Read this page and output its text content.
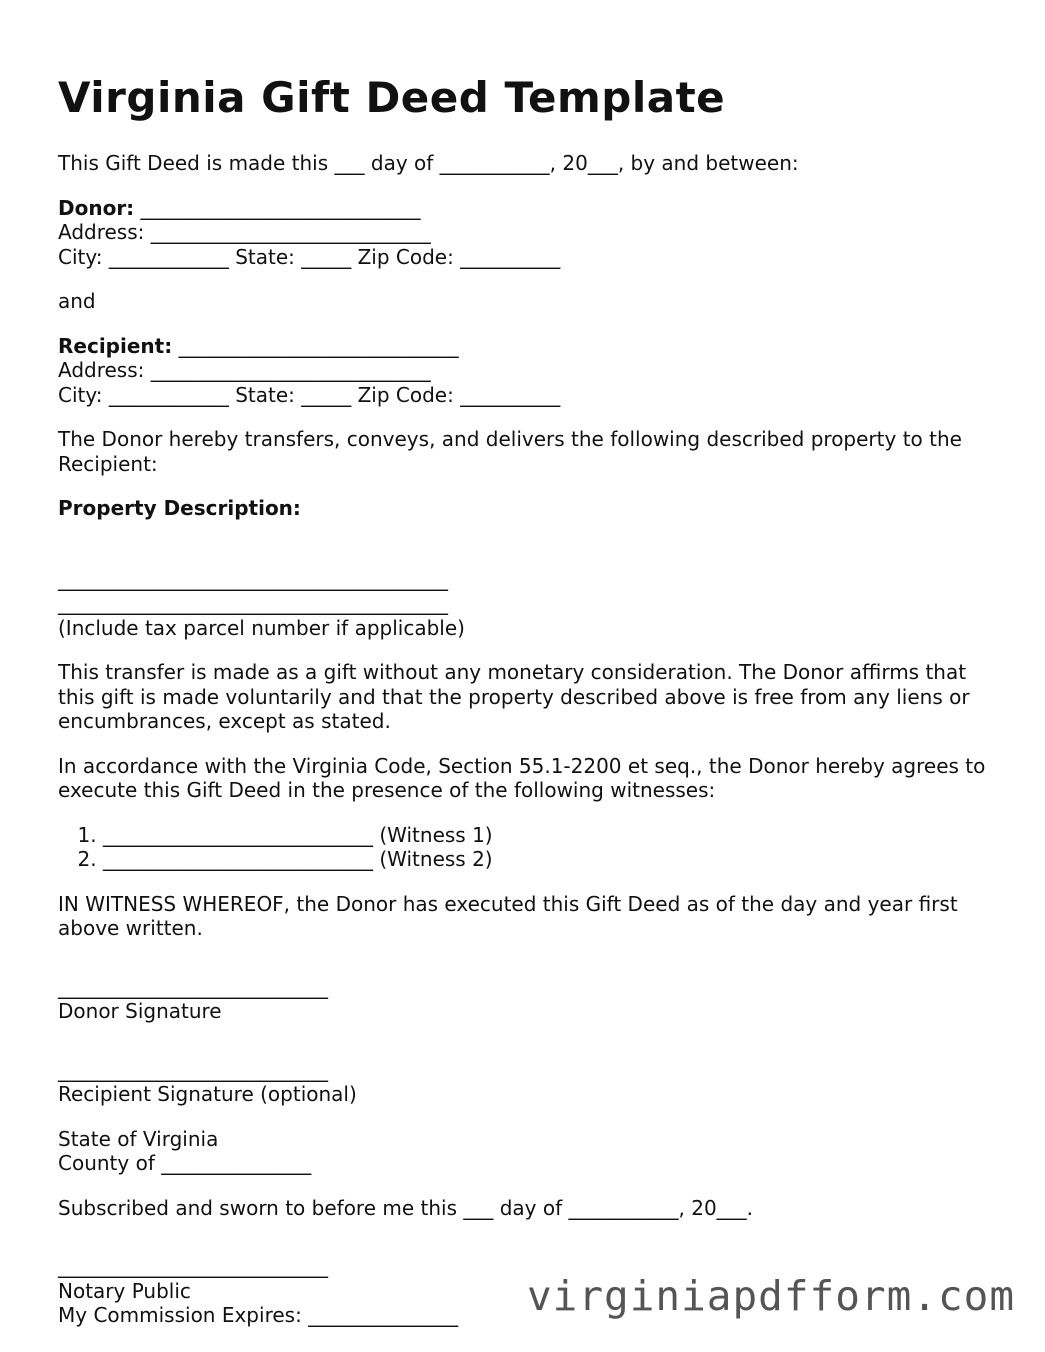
Virginia Gift Deed Template

This Gift Deed is made this ___ day of ___________, 20___, by and between:

Donor: ____________________________
Address: ____________________________
City: ____________ State: _____ Zip Code: __________

and

Recipient: ____________________________
Address: ____________________________
City: ____________ State: _____ Zip Code: __________

The Donor hereby transfers, conveys, and delivers the following described property to the Recipient:

Property Description:

_______________________________________
_______________________________________
(Include tax parcel number if applicable)

This transfer is made as a gift without any monetary consideration. The Donor affirms that this gift is made voluntarily and that the property described above is free from any liens or encumbrances, except as stated.

In accordance with the Virginia Code, Section 55.1-2200 et seq., the Donor hereby agrees to execute this Gift Deed in the presence of the following witnesses:

1. ___________________________ (Witness 1)
2. ___________________________ (Witness 2)

IN WITNESS WHEREOF, the Donor has executed this Gift Deed as of the day and year first above written.

___________________________
Donor Signature

___________________________
Recipient Signature (optional)

State of Virginia
County of _______________

Subscribed and sworn to before me this ___ day of ___________, 20___.

___________________________
Notary Public
My Commission Expires: _______________	virginiapdfform.com
